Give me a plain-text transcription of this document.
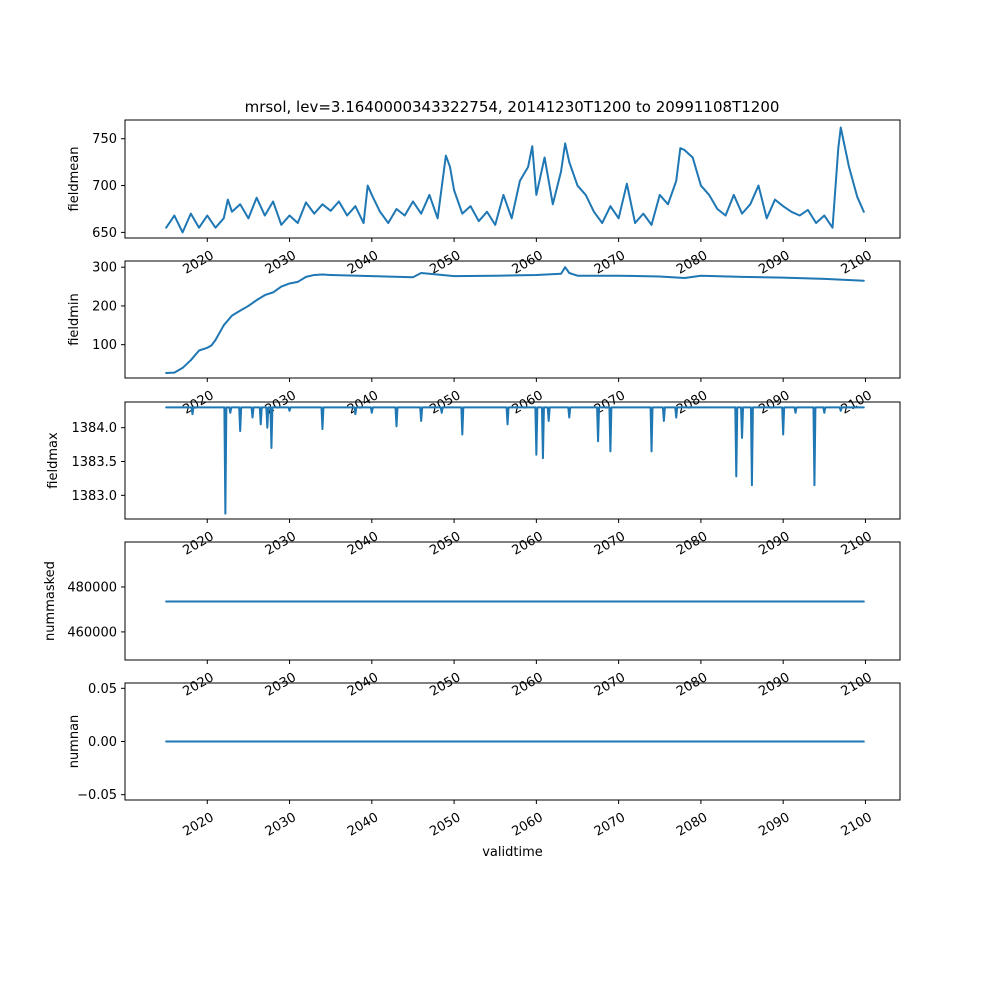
mrsol, lev=3.1640000343322754, 20141230T1200 to 20991108T1200
650
700
750
2020	2030	2040	2050	2060	2070	2080	2090	2100
fieldmean
100
200
300
2020	2030	2040	2050	2060	2070	2080	2090	2100
fieldmin
1383.0
1383.5
1384.0
2020	2030	2040	2050	2060	2070	2080	2090	2100
fieldmax
460000
480000
2020	2030	2040	2050	2060	2070	2080	2090	2100
nummasked
−0.05
0.00
0.05
2020	2030	2040	2050	2060	2070	2080	2090	2100
numnan
validtime
